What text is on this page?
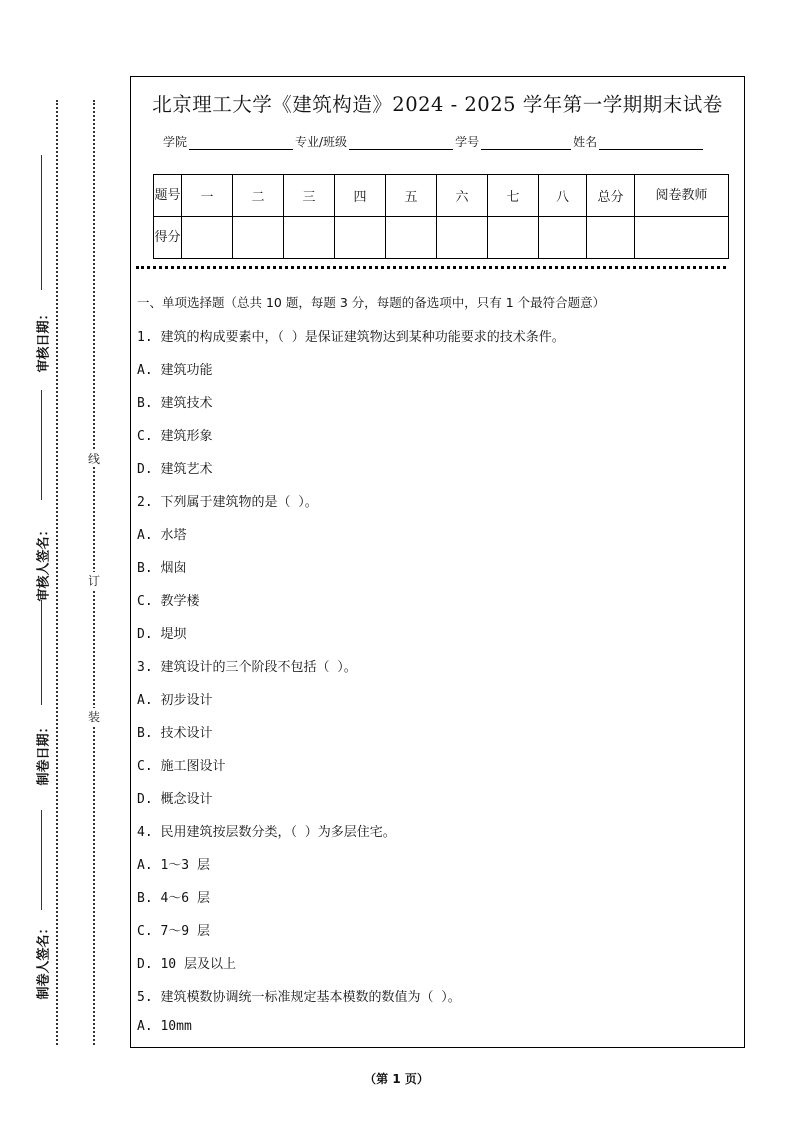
审核日期：
审核人签名：
制卷日期：
制卷人签名：
线
订
装
北京理工大学《建筑构造》2024 - 2025 学年第一学期期末试卷
学院	专业/班级	学号	姓名
题号	一	二	三	四	五	六	七	八	总分	阅卷教师
得分										
一、单项选择题（总共 10 题，每题 3 分，每题的备选项中，只有 1 个最符合题意）
1. 建筑的构成要素中，（ ）是保证建筑物达到某种功能要求的技术条件。
A. 建筑功能
B. 建筑技术
C. 建筑形象
D. 建筑艺术
2. 下列属于建筑物的是（ ）。
A. 水塔
B. 烟囱
C. 教学楼
D. 堤坝
3. 建筑设计的三个阶段不包括（ ）。
A. 初步设计
B. 技术设计
C. 施工图设计
D. 概念设计
4. 民用建筑按层数分类，（ ）为多层住宅。
A. 1～3 层
B. 4～6 层
C. 7～9 层
D. 10 层及以上
5. 建筑模数协调统一标准规定基本模数的数值为（ ）。
A. 10mm
（第 1 页）
